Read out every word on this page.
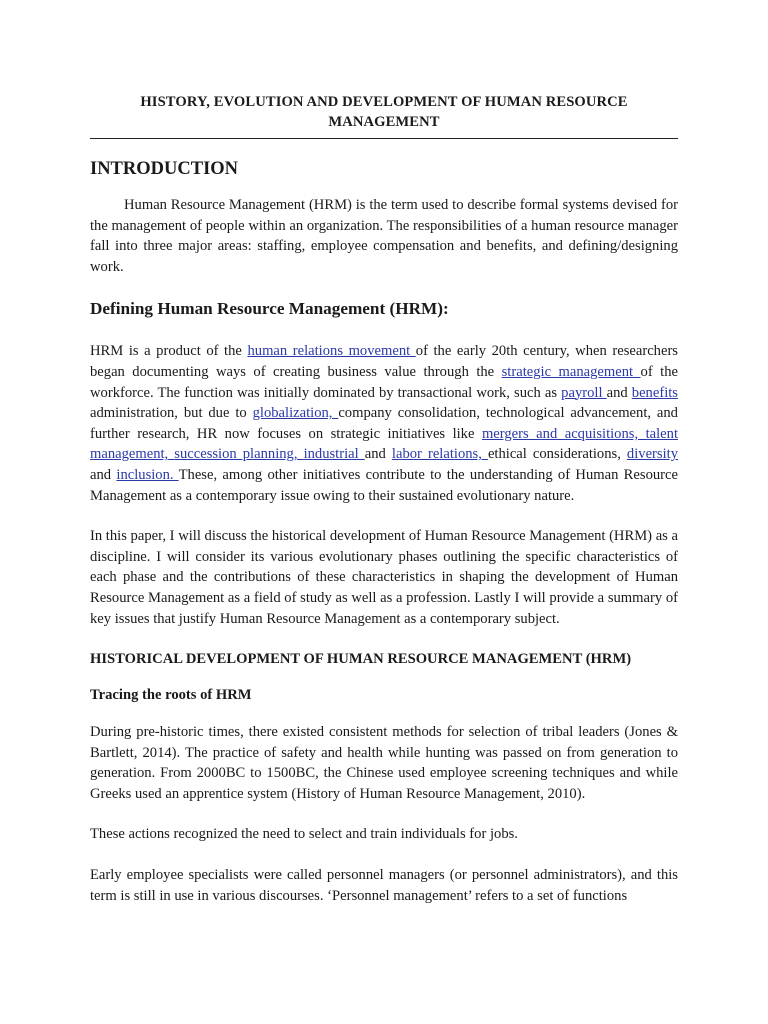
HISTORY, EVOLUTION AND DEVELOPMENT OF HUMAN RESOURCE MANAGEMENT
INTRODUCTION

Human Resource Management (HRM) is the term used to describe formal systems devised for the management of people within an organization. The responsibilities of a human resource manager fall into three major areas: staffing, employee compensation and benefits, and defining/designing work.

Defining Human Resource Management (HRM):

HRM is a product of the human relations movement of the early 20th century, when researchers began documenting ways of creating business value through the strategic management of the workforce. The function was initially dominated by transactional work, such as payroll and benefits administration, but due to globalization, company consolidation, technological advancement, and further research, HR now focuses on strategic initiatives like mergers and acquisitions, talent management, succession planning, industrial and labor relations, ethical considerations, diversity and inclusion. These, among other initiatives contribute to the understanding of Human Resource Management as a contemporary issue owing to their sustained evolutionary nature.

In this paper, I will discuss the historical development of Human Resource Management (HRM) as a discipline. I will consider its various evolutionary phases outlining the specific characteristics of each phase and the contributions of these characteristics in shaping the development of Human Resource Management as a field of study as well as a profession. Lastly I will provide a summary of key issues that justify Human Resource Management as a contemporary subject.

HISTORICAL DEVELOPMENT OF HUMAN RESOURCE MANAGEMENT (HRM)
Tracing the roots of HRM

During pre-historic times, there existed consistent methods for selection of tribal leaders (Jones & Bartlett, 2014). The practice of safety and health while hunting was passed on from generation to generation. From 2000BC to 1500BC, the Chinese used employee screening techniques and while Greeks used an apprentice system (History of Human Resource Management, 2010).

These actions recognized the need to select and train individuals for jobs.

Early employee specialists were called personnel managers (or personnel administrators), and this term is still in use in various discourses. ‘Personnel management’ refers to a set of functions
